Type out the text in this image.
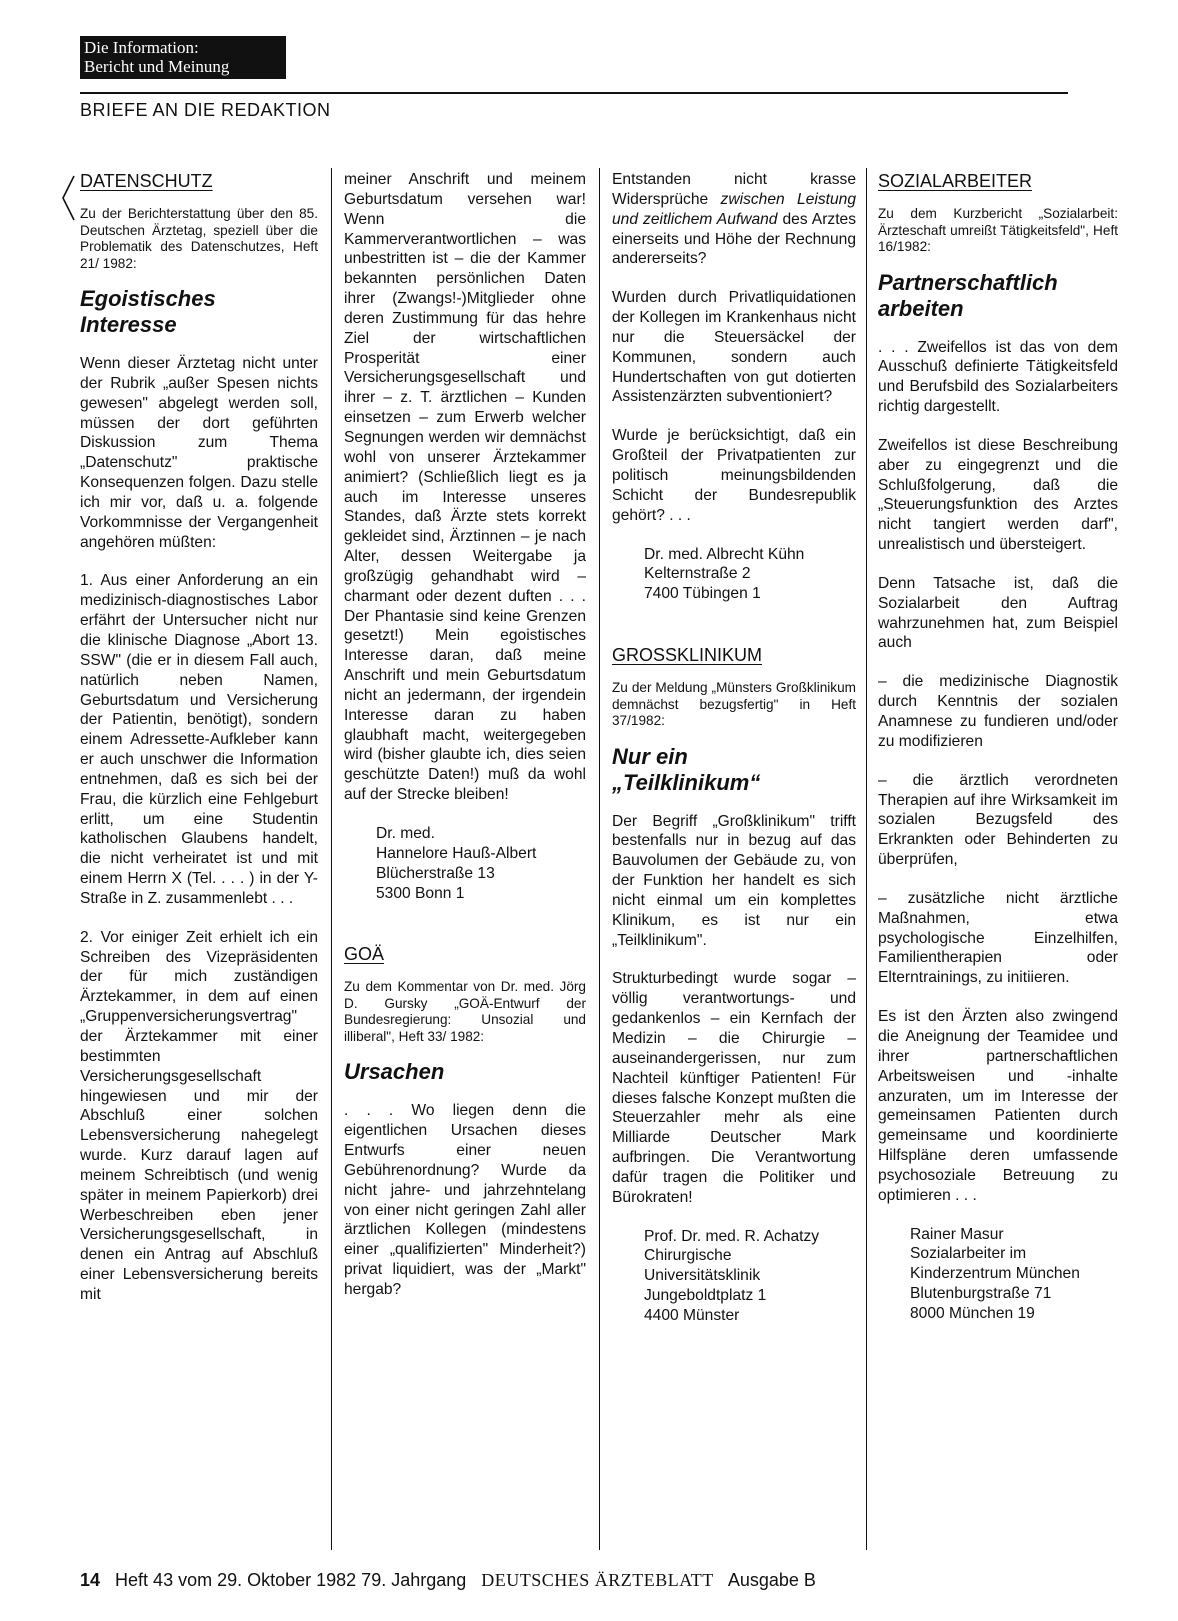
Die Information:
Bericht und Meinung
BRIEFE AN DIE REDAKTION
DATENSCHUTZ
Zu der Berichterstattung über den 85. Deutschen Ärztetag, speziell über die Problematik des Datenschutzes, Heft 21/ 1982:
Egoistisches Interesse
Wenn dieser Ärztetag nicht unter der Rubrik „außer Spesen nichts gewesen" abgelegt werden soll, müssen der dort geführten Diskussion zum Thema „Datenschutz" praktische Konsequenzen folgen. Dazu stelle ich mir vor, daß u. a. folgende Vorkommnisse der Vergangenheit angehören müßten:
1. Aus einer Anforderung an ein medizinisch-diagnostisches Labor erfährt der Untersucher nicht nur die klinische Diagnose „Abort 13. SSW" (die er in diesem Fall auch, natürlich neben Namen, Geburtsdatum und Versicherung der Patientin, benötigt), sondern einem Adressette-Aufkleber kann er auch unschwer die Information entnehmen, daß es sich bei der Frau, die kürzlich eine Fehlgeburt erlitt, um eine Studentin katholischen Glaubens handelt, die nicht verheiratet ist und mit einem Herrn X (Tel. . . . ) in der Y-Straße in Z. zusammenlebt . . .
2. Vor einiger Zeit erhielt ich ein Schreiben des Vizepräsidenten der für mich zuständigen Ärztekammer, in dem auf einen „Gruppenversicherungsvertrag" der Ärztekammer mit einer bestimmten Versicherungsgesellschaft hingewiesen und mir der Abschluß einer solchen Lebensversicherung nahegelegt wurde. Kurz darauf lagen auf meinem Schreibtisch (und wenig später in meinem Papierkorb) drei Werbeschreiben eben jener Versicherungsgesellschaft, in denen ein Antrag auf Abschluß einer Lebensversicherung bereits mit
meiner Anschrift und meinem Geburtsdatum versehen war! Wenn die Kammerverantwortlichen – was unbestritten ist – die der Kammer bekannten persönlichen Daten ihrer (Zwangs!-)Mitglieder ohne deren Zustimmung für das hehre Ziel der wirtschaftlichen Prosperität einer Versicherungsgesellschaft und ihrer – z. T. ärztlichen – Kunden einsetzen – zum Erwerb welcher Segnungen werden wir demnächst wohl von unserer Ärztekammer animiert? (Schließlich liegt es ja auch im Interesse unseres Standes, daß Ärzte stets korrekt gekleidet sind, Ärztinnen – je nach Alter, dessen Weitergabe ja großzügig gehandhabt wird – charmant oder dezent duften . . . Der Phantasie sind keine Grenzen gesetzt!) Mein egoistisches Interesse daran, daß meine Anschrift und mein Geburtsdatum nicht an jedermann, der irgendein Interesse daran zu haben glaubhaft macht, weitergegeben wird (bisher glaubte ich, dies seien geschützte Daten!) muß da wohl auf der Strecke bleiben!
Dr. med.
Hannelore Hauß-Albert
Blücherstraße 13
5300 Bonn 1
GOÄ
Zu dem Kommentar von Dr. med. Jörg D. Gursky „GOÄ-Entwurf der Bundesregierung: Unsozial und illiberal", Heft 33/ 1982:
Ursachen
. . . Wo liegen denn die eigentlichen Ursachen dieses Entwurfs einer neuen Gebührenordnung? Wurde da nicht jahre- und jahrzehntelang von einer nicht geringen Zahl aller ärztlichen Kollegen (mindestens einer „qualifizierten" Minderheit?) privat liquidiert, was der „Markt" hergab?
Entstanden nicht krasse Widersprüche zwischen Leistung und zeitlichem Aufwand des Arztes einerseits und Höhe der Rechnung andererseits?
Wurden durch Privatliquidationen der Kollegen im Krankenhaus nicht nur die Steuersäckel der Kommunen, sondern auch Hundertschaften von gut dotierten Assistenzärzten subventioniert?
Wurde je berücksichtigt, daß ein Großteil der Privatpatienten zur politisch meinungsbildenden Schicht der Bundesrepublik gehört? . . .
Dr. med. Albrecht Kühn
Kelternstraße 2
7400 Tübingen 1
GROSSKLINIKUM
Zu der Meldung „Münsters Großklinikum demnächst bezugsfertig" in Heft 37/1982:
Nur ein
„Teilklinikum“
Der Begriff „Großklinikum" trifft bestenfalls nur in bezug auf das Bauvolumen der Gebäude zu, von der Funktion her handelt es sich nicht einmal um ein komplettes Klinikum, es ist nur ein „Teilklinikum".
Strukturbedingt wurde sogar – völlig verantwortungs- und gedankenlos – ein Kernfach der Medizin – die Chirurgie – auseinandergerissen, nur zum Nachteil künftiger Patienten! Für dieses falsche Konzept mußten die Steuerzahler mehr als eine Milliarde Deutscher Mark aufbringen. Die Verantwortung dafür tragen die Politiker und Bürokraten!
Prof. Dr. med. R. Achatzy
Chirurgische
Universitätsklinik
Jungeboldtplatz 1
4400 Münster
SOZIALARBEITER
Zu dem Kurzbericht „Sozialarbeit: Ärzteschaft umreißt Tätigkeitsfeld", Heft 16/1982:
Partnerschaftlich arbeiten
. . . Zweifellos ist das von dem Ausschuß definierte Tätigkeitsfeld und Berufsbild des Sozialarbeiters richtig dargestellt.
Zweifellos ist diese Beschreibung aber zu eingegrenzt und die Schlußfolgerung, daß die „Steuerungsfunktion des Arztes nicht tangiert werden darf", unrealistisch und übersteigert.
Denn Tatsache ist, daß die Sozialarbeit den Auftrag wahrzunehmen hat, zum Beispiel auch
– die medizinische Diagnostik durch Kenntnis der sozialen Anamnese zu fundieren und/oder zu modifizieren
– die ärztlich verordneten Therapien auf ihre Wirksamkeit im sozialen Bezugsfeld des Erkrankten oder Behinderten zu überprüfen,
– zusätzliche nicht ärztliche Maßnahmen, etwa psychologische Einzelhilfen, Familientherapien oder Elterntrainings, zu initiieren.
Es ist den Ärzten also zwingend die Aneignung der Teamidee und ihrer partnerschaftlichen Arbeitsweisen und -inhalte anzuraten, um im Interesse der gemeinsamen Patienten durch gemeinsame und koordinierte Hilfspläne deren umfassende psychosoziale Betreuung zu optimieren . . .
Rainer Masur
Sozialarbeiter im Kinderzentrum München
Blutenburgstraße 71
8000 München 19
14 Heft 43 vom 29. Oktober 1982 79. Jahrgang DEUTSCHES ÄRZTEBLATT Ausgabe B
